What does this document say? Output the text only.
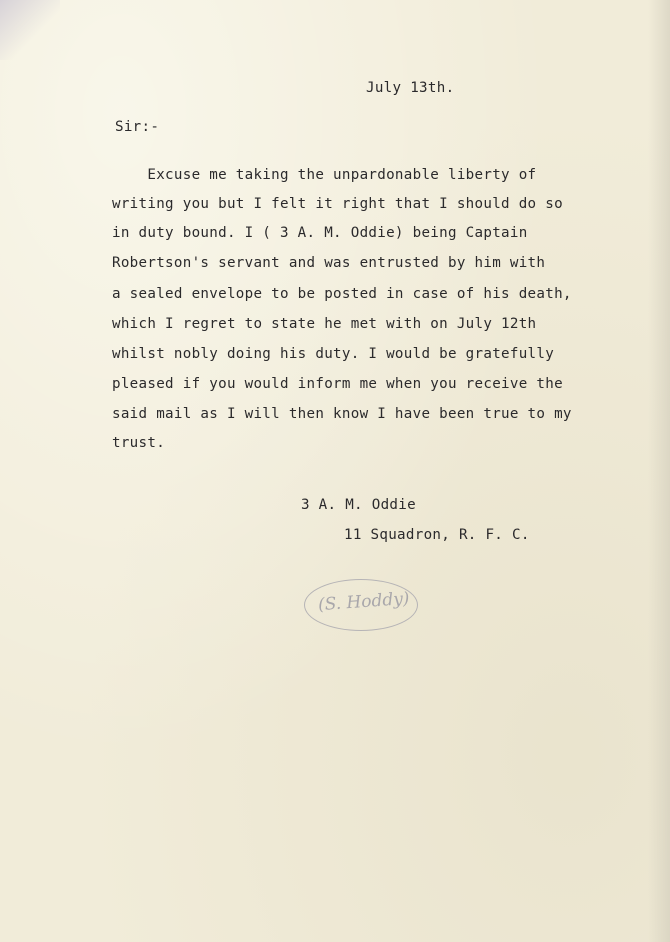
July 13th.

Sir:-

Excuse me taking the unpardonable liberty of

writing you but I felt it right that I should do so

in duty bound. I ( 3 A. M. Oddie) being Captain

Robertson's servant and was entrusted by him with

a sealed envelope to be posted in case of his death,

which I regret to state he met with on July 12th

whilst nobly doing his duty. I would be gratefully

pleased if you would inform me when you receive the

said mail as I will then know I have been true to my

trust.

3 A. M. Oddie

11 Squadron, R. F. C.

(S. Hoddy)
